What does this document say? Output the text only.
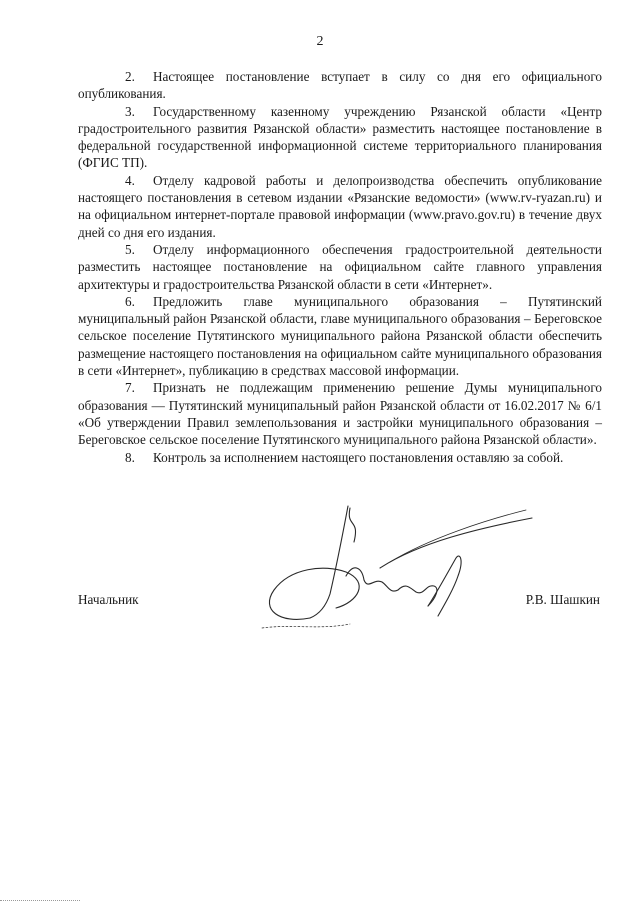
2

2. Настоящее постановление вступает в силу со дня его официального опубликования.

3. Государственному казенному учреждению Рязанской области «Центр градостроительного развития Рязанской области» разместить настоящее постановление в федеральной государственной информационной системе территориального планирования (ФГИС ТП).

4. Отделу кадровой работы и делопроизводства обеспечить опубликование настоящего постановления в сетевом издании «Рязанские ведомости» (www.rv-ryazan.ru) и на официальном интернет-портале правовой информации (www.pravo.gov.ru) в течение двух дней со дня его издания.

5. Отделу информационного обеспечения градостроительной деятельности разместить настоящее постановление на официальном сайте главного управления архитектуры и градостроительства Рязанской области в сети «Интернет».

6. Предложить главе муниципального образования – Путятинский муниципальный район Рязанской области, главе муниципального образования – Береговское сельское поселение Путятинского муниципального района Рязанской области обеспечить размещение настоящего постановления на официальном сайте муниципального образования в сети «Интернет», публикацию в средствах массовой информации.

7. Признать не подлежащим применению решение Думы муниципального образования — Путятинский муниципальный район Рязанской области от 16.02.2017 № 6/1 «Об утверждении Правил землепользования и застройки муниципального образования – Береговское сельское поселение Путятинского муниципального района Рязанской области».

8. Контроль за исполнением настоящего постановления оставляю за собой.

Начальник	Р.В. Шашкин
